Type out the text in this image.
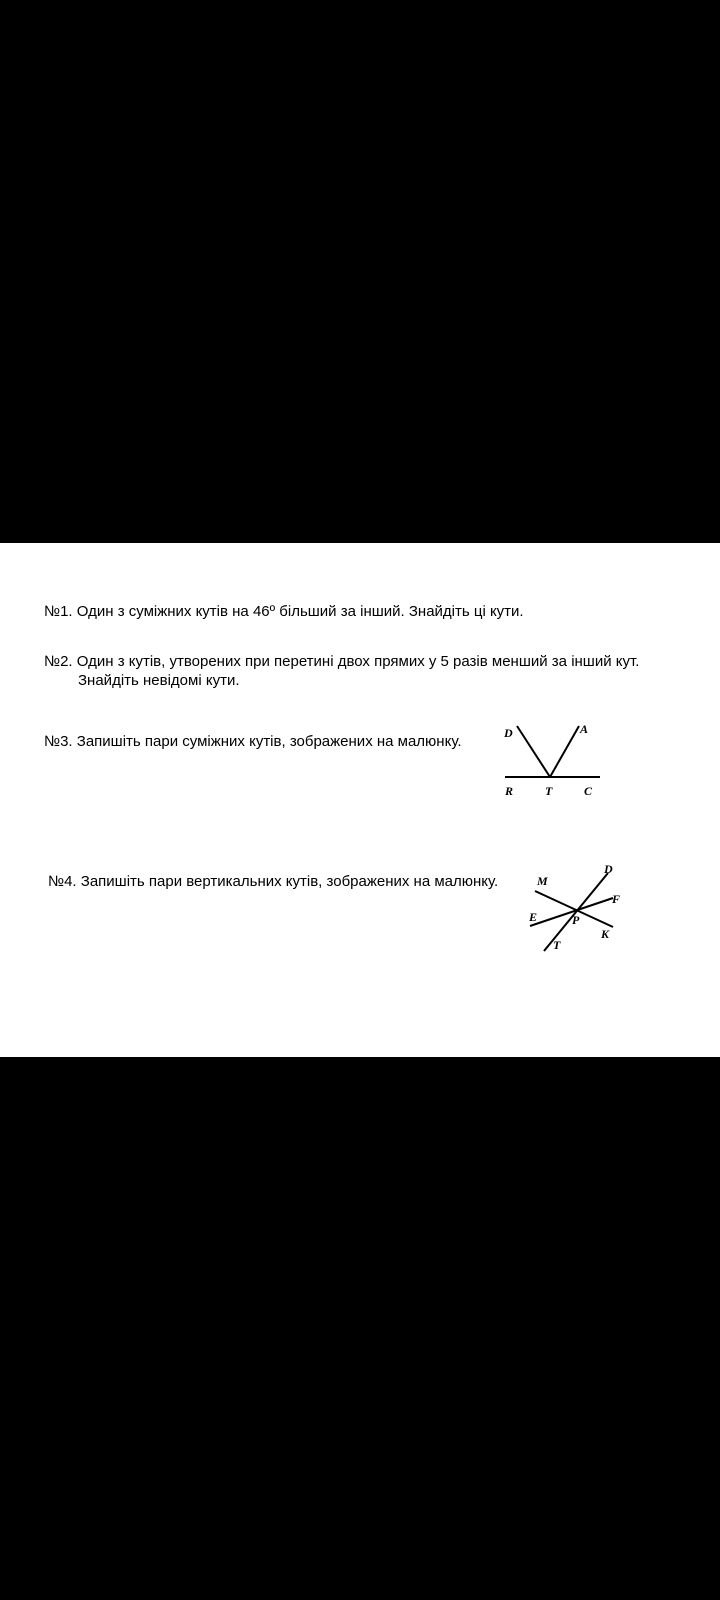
№1. Один з суміжних кутів на 46º більший за інший. Знайдіть ці кути.
№2. Один з кутів, утворених при перетині двох прямих у 5 разів менший за інший кут.
Знайдіть невідомі кути.
№3. Запишіть пари суміжних кутів, зображених на малюнку.	D	A
R	T	C
№4. Запишіть пари вертикальних кутів, зображених на малюнку.	M
D
F
E	P
K
T
